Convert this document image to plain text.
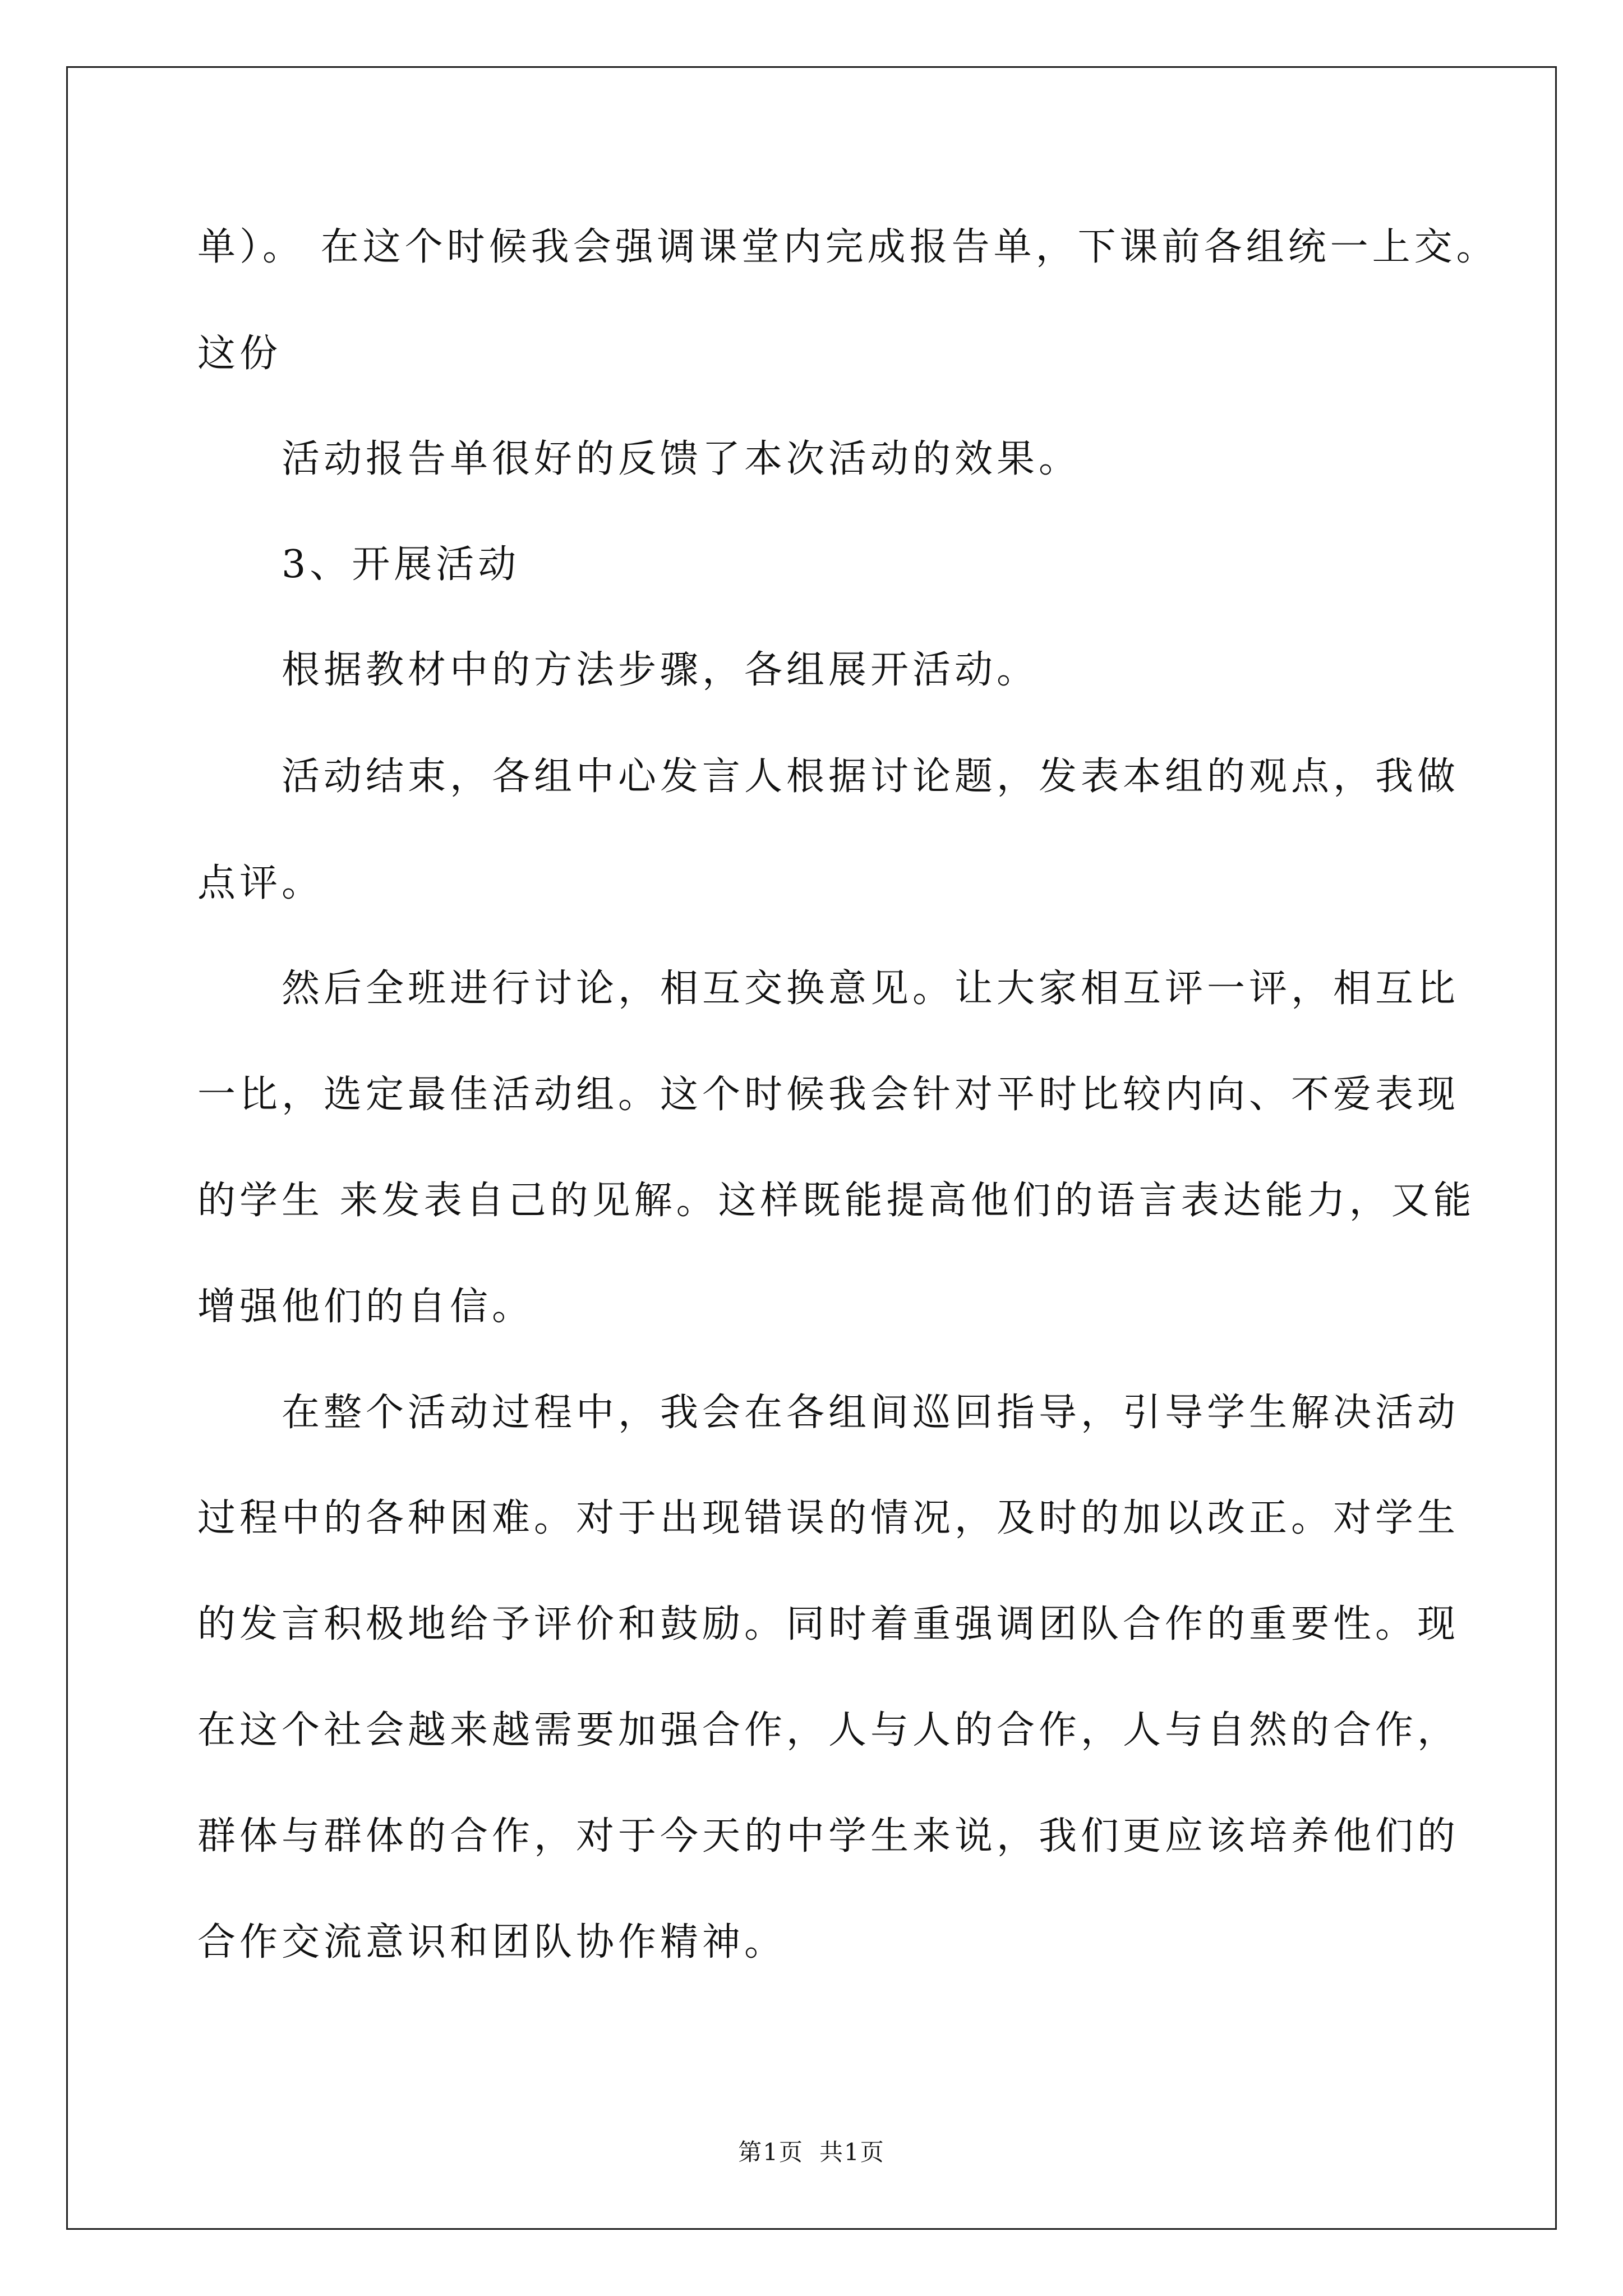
单）。 在这个时候我会强调课堂内完成报告单，下课前各组统一上交。
这份
活动报告单很好的反馈了本次活动的效果。
3、开展活动
根据教材中的方法步骤，各组展开活动。
活动结束，各组中心发言人根据讨论题，发表本组的观点，我做
点评。
然后全班进行讨论，相互交换意见。让大家相互评一评，相互比
一比，选定最佳活动组。这个时候我会针对平时比较内向、不爱表现
的学生 来发表自己的见解。这样既能提高他们的语言表达能力，又能
增强他们的自信。
在整个活动过程中，我会在各组间巡回指导，引导学生解决活动
过程中的各种困难。对于出现错误的情况，及时的加以改正。对学生
的发言积极地给予评价和鼓励。同时着重强调团队合作的重要性。现
在这个社会越来越需要加强合作，人与人的合作，人与自然的合作，
群体与群体的合作，对于今天的中学生来说，我们更应该培养他们的
合作交流意识和团队协作精神。
第1页 共1页
